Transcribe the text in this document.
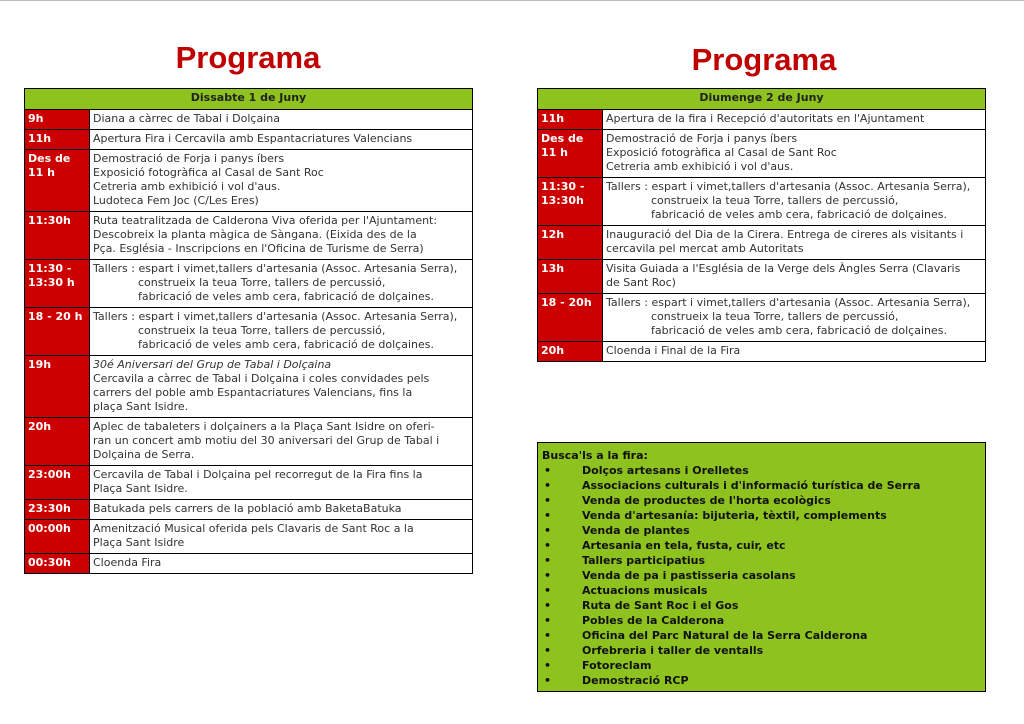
Programa	Programa
Dissabte 1 de Juny	

9h	Diana a càrrec de Tabal i Dolçaina

11h	Apertura Fira i Cercavila amb Espantacriatures Valencians

Des de
11 h	Demostració de Forja i panys íbers
Exposició fotogràfica al Casal de Sant Roc
Cetreria amb exhibició i vol d'aus.
Ludoteca Fem Joc (C/Les Eres)

11:30h	Ruta teatralitzada de Calderona Viva oferida per l'Ajuntament:
Descobreix la planta màgica de Sàngana. (Eixida des de la
Pça. Església - Inscripcions en l'Oficina de Turisme de Serra)

11:30 -
13:30 h	Tallers : espart i vimet,tallers d'artesania (Assoc. Artesania Serra),
construeix la teua Torre, tallers de percussió,
fabricació de veles amb cera, fabricació de dolçaines.

18 - 20 h	Tallers : espart i vimet,tallers d'artesania (Assoc. Artesania Serra),
construeix la teua Torre, tallers de percussió,
fabricació de veles amb cera, fabricació de dolçaines.

19h	30é Aniversari del Grup de Tabal i Dolçaina
Cercavila a càrrec de Tabal i Dolçaina i coles convidades pels
carrers del poble amb Espantacriatures Valencians, fins la
plaça Sant Isidre.

20h	Aplec de tabaleters i dolçainers a la Plaça Sant Isidre on oferi-
ran un concert amb motiu del 30 aniversari del Grup de Tabal i
Dolçaina de Serra.

23:00h	Cercavila de Tabal i Dolçaina pel recorregut de la Fira fins la
Plaça Sant Isidre.

23:30h	Batukada pels carrers de la població amb BaketaBatuka

00:00h	Amenització Musical oferida pels Clavaris de Sant Roc a la
Plaça Sant Isidre

00:30h	Cloenda Fira
Diumenge 2 de Juny	

11h	Apertura de la fira i Recepció d'autoritats en l'Ajuntament

Des de
11 h	Demostració de Forja i panys íbers
Exposició fotogràfica al Casal de Sant Roc
Cetreria amb exhibició i vol d'aus.

11:30 -
13:30h	Tallers : espart i vimet,tallers d'artesania (Assoc. Artesania Serra),
construeix la teua Torre, tallers de percussió,
fabricació de veles amb cera, fabricació de dolçaines.

12h	Inauguració del Dia de la Cirera. Entrega de cireres als visitants i
cercavila pel mercat amb Autoritats

13h	Visita Guiada a l'Església de la Verge dels Àngles Serra (Clavaris
de Sant Roc)

18 - 20h	Tallers : espart i vimet,tallers d'artesania (Assoc. Artesania Serra),
construeix la teua Torre, tallers de percussió,
fabricació de veles amb cera, fabricació de dolçaines.

20h	Cloenda i Final de la Fira
Busca'ls a la fira:
•	Dolços artesans i Orelletes
•	Associacions culturals i d'informació turística de Serra
•	Venda de productes de l'horta ecològics
•	Venda d'artesanía: bijuteria, tèxtil, complements
•	Venda de plantes
•	Artesania en tela, fusta, cuir, etc
•	Tallers participatius
•	Venda de pa i pastisseria casolans
•	Actuacions musicals
•	Ruta de Sant Roc i el Gos
•	Pobles de la Calderona
•	Oficina del Parc Natural de la Serra Calderona
•	Orfebreria i taller de ventalls
•	Fotoreclam
•	Demostració RCP
